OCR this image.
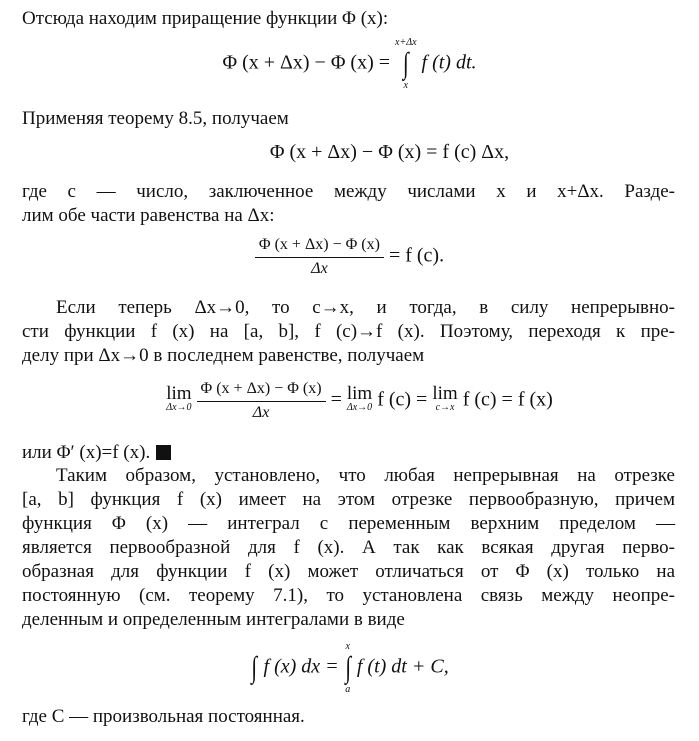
Отсюда находим приращение функции Φ (x):
Φ (x + Δx) − Φ (x) =
x+Δx
∫
x
f (t) dt.
Применяя теорему 8.5, получаем
Φ (x + Δx) − Φ (x) = f (c) Δx,
где с — число, заключенное между числами x и x+Δx. Разде-
лим обе части равенства на Δx:
$\frac{\Phi (x + \Delta x) - \Phi (x)}{\Delta x} = f$ (c).
Если теперь Δx→0, то c→x, и тогда, в силу непрерывно-
сти функции f (x) на [a, b], f (c)→f (x). Поэтому, переходя к пре-
делу при Δx→0 в последнем равенстве, получаем
lim
Δx→0
$\frac{\Phi (x + \Delta x) - \Phi (x)}{\Delta x} = \lim$
Δx→0 f (c) = lim
c→x f (c) = f (x)
или Φ′ (x)=f (x).
Таким образом, установлено, что любая непрерывная на отрезке
[a, b] функция f (x) имеет на этом отрезке первообразную, причем
функция Φ (x) — интеграл с переменным верхним пределом —
является первообразной для f (x). А так как всякая другая перво-
образная для функции f (x) может отличаться от Φ (x) только на
постоянную (см. теорему 7.1), то установлена связь между неопре-
деленным и определенным интегралами в виде

∫
f (x) dx =
x
∫
a
f (t) dt + C,
где C — произвольная постоянная.
